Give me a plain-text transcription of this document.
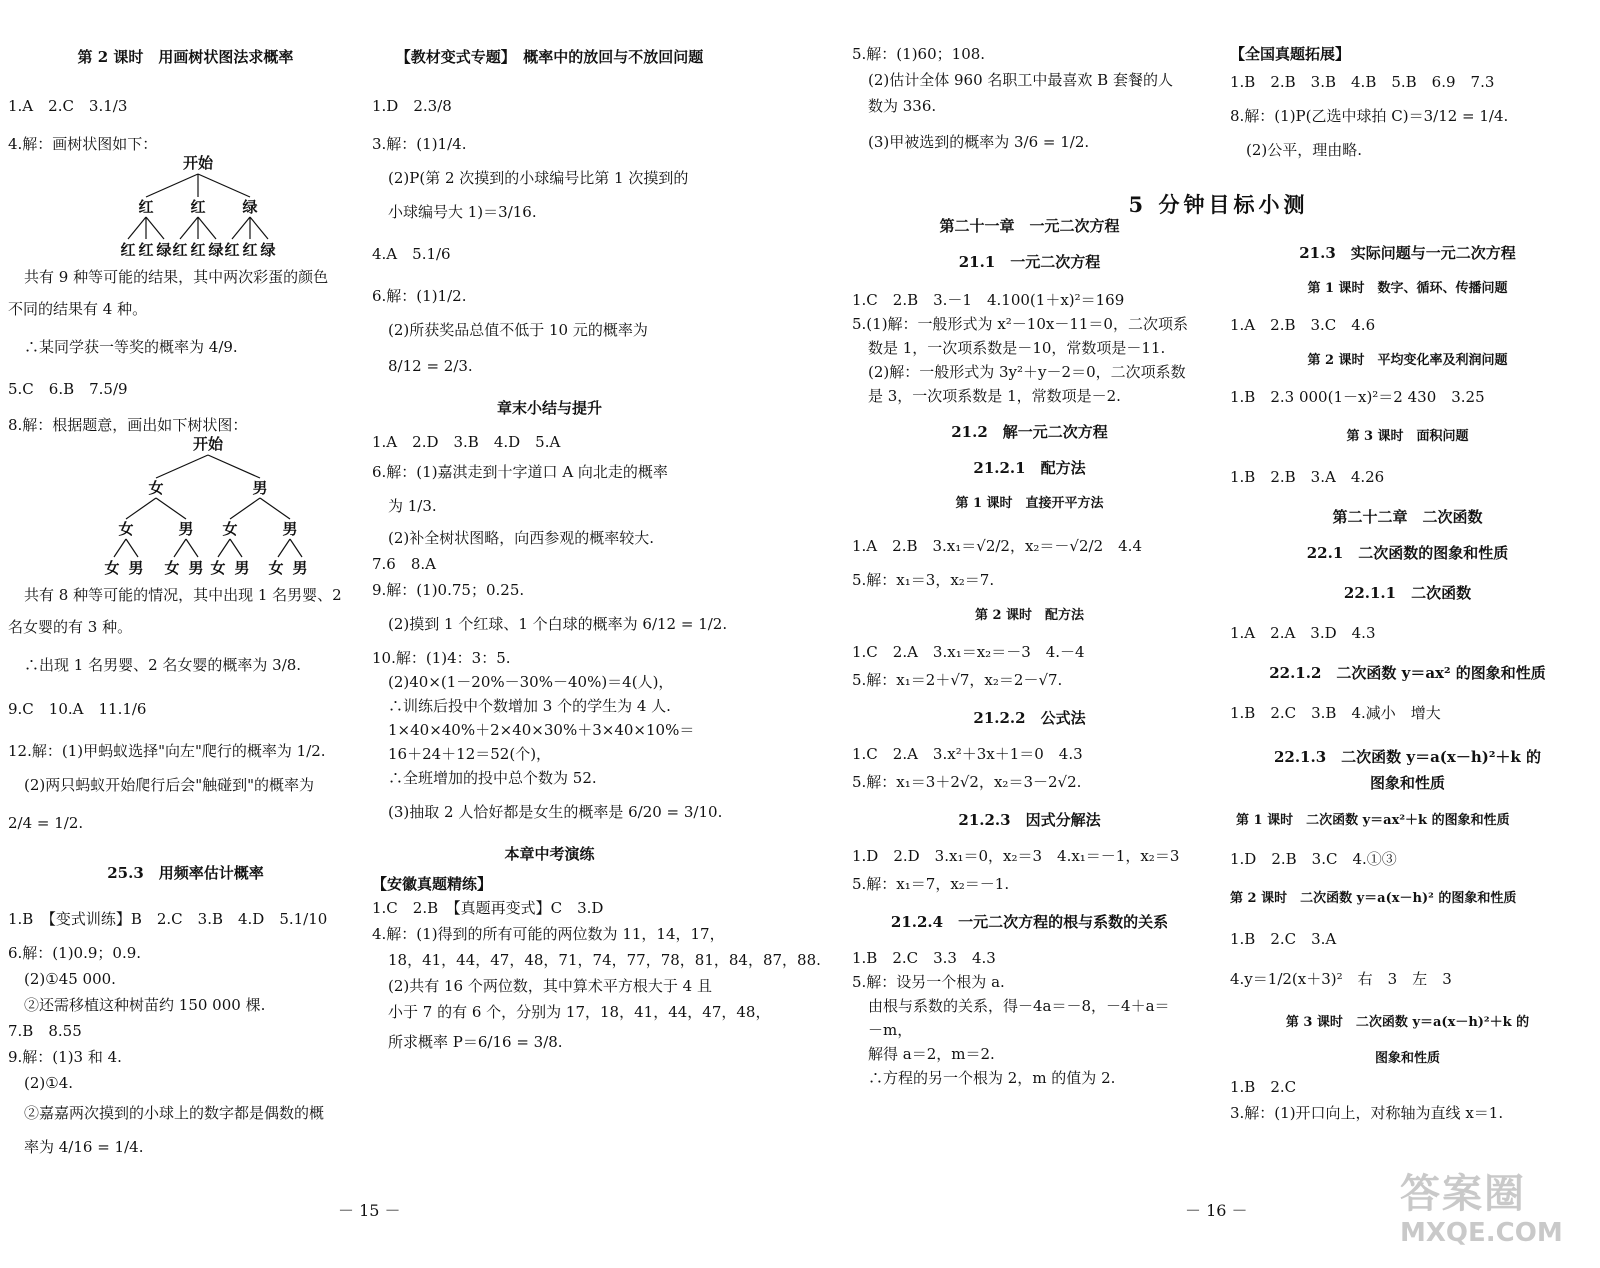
第 2 课时　用画树状图法求概率
1.A　2.C　3.1/3
4.解：画树状图如下：
开始
红 红 绿
红 红 绿 红 红 绿 红 红 绿
共有 9 种等可能的结果，其中两次彩蛋的颜色
不同的结果有 4 种。
∴某同学获一等奖的概率为 4/9.
5.C　6.B　7.5/9
8.解：根据题意，画出如下树状图：
开始
女	男
女	男 女	男
女 男 女 男 女 男 女 男
共有 8 种等可能的情况，其中出现 1 名男婴、2
名女婴的有 3 种。
∴出现 1 名男婴、2 名女婴的概率为 3/8.
9.C　10.A　11.1/6
12.解：(1)甲蚂蚁选择"向左"爬行的概率为 1/2.
(2)两只蚂蚁开始爬行后会"触碰到"的概率为
2/4 = 1/2.
25.3　用频率估计概率
1.B　【变式训练】B　2.C　3.B　4.D　5.1/10
6.解：(1)0.9；0.9.
(2)①45 000.
②还需移植这种树苗约 150 000 棵.
7.B　8.55
9.解：(1)3 和 4.
(2)①4.
②嘉嘉两次摸到的小球上的数字都是偶数的概
率为 4/16 = 1/4.
【教材变式专题】　概率中的放回与不放回问题
1.D　2.3/8
3.解：(1)1/4.
(2)P(第 2 次摸到的小球编号比第 1 次摸到的
小球编号大 1)＝3/16.
4.A　5.1/6
6.解：(1)1/2.
(2)所获奖品总值不低于 10 元的概率为
8/12 = 2/3.
章末小结与提升
1.A　2.D　3.B　4.D　5.A
6.解：(1)嘉淇走到十字道口 A 向北走的概率
为 1/3.
(2)补全树状图略，向西参观的概率较大.
7.6　8.A
9.解：(1)0.75；0.25.
(2)摸到 1 个红球、1 个白球的概率为 6/12 = 1/2.
10.解：(1)4：3：5.
(2)40×(1－20%－30%－40%)＝4(人)，
∴训练后投中个数增加 3 个的学生为 4 人.
1×40×40%＋2×40×30%＋3×40×10%＝
16＋24＋12＝52(个)，
∴全班增加的投中总个数为 52.
(3)抽取 2 人恰好都是女生的概率是 6/20 = 3/10.
本章中考演练
【安徽真题精练】
1.C　2.B　【真题再变式】C　3.D
4.解：(1)得到的所有可能的两位数为 11，14，17，
18，41，44，47，48，71，74，77，78，81，84，87，88.
(2)共有 16 个两位数，其中算术平方根大于 4 且
小于 7 的有 6 个，分别为 17，18，41，44，47，48，
所求概率 P＝6/16 = 3/8.
－ 15 －
5.解：(1)60；108.
(2)估计全体 960 名职工中最喜欢 B 套餐的人
数为 336.
(3)甲被选到的概率为 3/6 = 1/2.
第二十一章　一元二次方程
21.1　一元二次方程
1.C　2.B　3.－1　4.100(1＋x)²＝169
5.(1)解：一般形式为 x²－10x－11＝0，二次项系
数是 1，一次项系数是－10，常数项是－11.
(2)解：一般形式为 3y²＋y－2＝0，二次项系数
是 3，一次项系数是 1，常数项是－2.
21.2　解一元二次方程
21.2.1　配方法
第 1 课时　直接开平方法
1.A　2.B　3.x₁＝√2/2，x₂＝－√2/2　4.4
5.解：x₁＝3，x₂＝7.
第 2 课时　配方法
1.C　2.A　3.x₁＝x₂＝－3　4.－4
5.解：x₁＝2＋√7，x₂＝2－√7.
21.2.2　公式法
1.C　2.A　3.x²＋3x＋1＝0　4.3
5.解：x₁＝3＋2√2，x₂＝3－2√2.
21.2.3　因式分解法
1.D　2.D　3.x₁＝0，x₂＝3　4.x₁＝－1，x₂＝3
5.解：x₁＝7，x₂＝－1.
21.2.4　一元二次方程的根与系数的关系
1.B　2.C　3.3　4.3
5.解：设另一个根为 a.
由根与系数的关系，得－4a＝－8，－4＋a＝
－m，
解得 a＝2，m＝2.
∴方程的另一个根为 2，m 的值为 2.
【全国真题拓展】
1.B　2.B　3.B　4.B　5.B　6.9　7.3
8.解：(1)P(乙选中球拍 C)＝3/12 = 1/4.
(2)公平，理由略.
5 分钟目标小测
21.3　实际问题与一元二次方程
第 1 课时　数字、循环、传播问题
1.A　2.B　3.C　4.6
第 2 课时　平均变化率及利润问题
1.B　2.3 000(1－x)²＝2 430　3.25
第 3 课时　面积问题
1.B　2.B　3.A　4.26
第二十二章　二次函数
22.1　二次函数的图象和性质
22.1.1　二次函数
1.A　2.A　3.D　4.3
22.1.2　二次函数 y＝ax² 的图象和性质
1.B　2.C　3.B　4.减小　增大
22.1.3　二次函数 y＝a(x－h)²＋k 的
图象和性质
第 1 课时　二次函数 y＝ax²＋k 的图象和性质
1.D　2.B　3.C　4.①③
第 2 课时　二次函数 y＝a(x－h)² 的图象和性质
1.B　2.C　3.A
4.y＝1/2(x＋3)²　右　3　左　3
第 3 课时　二次函数 y＝a(x－h)²＋k 的
图象和性质
1.B　2.C
3.解：(1)开口向上，对称轴为直线 x＝1.
－ 16 －	答案圈
MXQE.COM
